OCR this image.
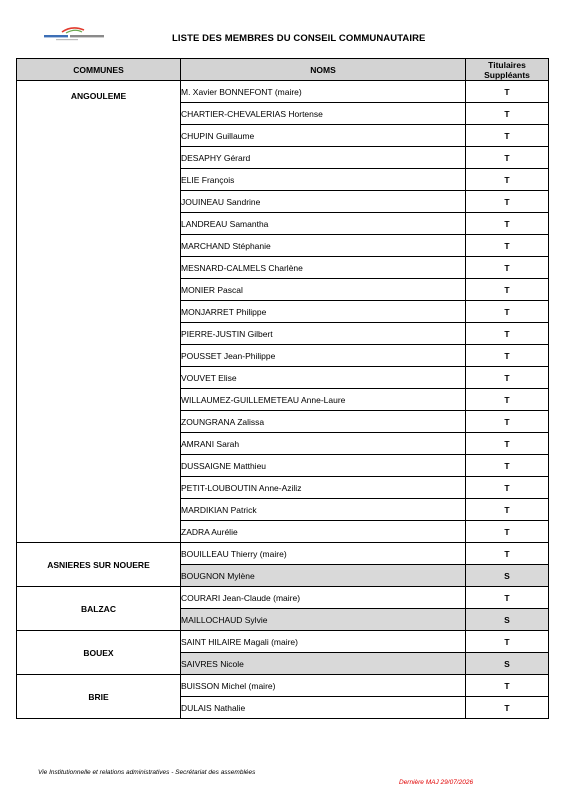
LISTE DES MEMBRES DU CONSEIL COMMUNAUTAIRE
COMMUNES	NOMS	Titulaires
Suppléants
ANGOULEME	M. Xavier BONNEFONT (maire)	T
	CHARTIER-CHEVALERIAS Hortense	T
	CHUPIN Guillaume	T
	DESAPHY Gérard	T
	ELIE François	T
	JOUINEAU Sandrine	T
	LANDREAU Samantha	T
	MARCHAND Stéphanie	T
	MESNARD-CALMELS Charlène	T
	MONIER Pascal	T
	MONJARRET Philippe	T
	PIERRE-JUSTIN Gilbert	T
	POUSSET Jean-Philippe	T
	VOUVET Elise	T
	WILLAUMEZ-GUILLEMETEAU Anne-Laure	T
	ZOUNGRANA Zalissa	T
	AMRANI Sarah	T
	DUSSAIGNE Matthieu	T
	PETIT-LOUBOUTIN Anne-Aziliz	T
	MARDIKIAN Patrick	T
	ZADRA Aurélie	T
ASNIERES SUR NOUERE	BOUILLEAU Thierry (maire)	T
	BOUGNON Mylène	S
BALZAC	COURARI Jean-Claude (maire)	T
	MAILLOCHAUD Sylvie	S
BOUEX	SAINT HILAIRE Magali (maire)	T
	SAIVRES Nicole	S
BRIE	BUISSON Michel (maire)	T
	DULAIS Nathalie	T
Vie Institutionnelle et relations administratives - Secrétariat des assemblées
Dernière MAJ 29/07/2026
